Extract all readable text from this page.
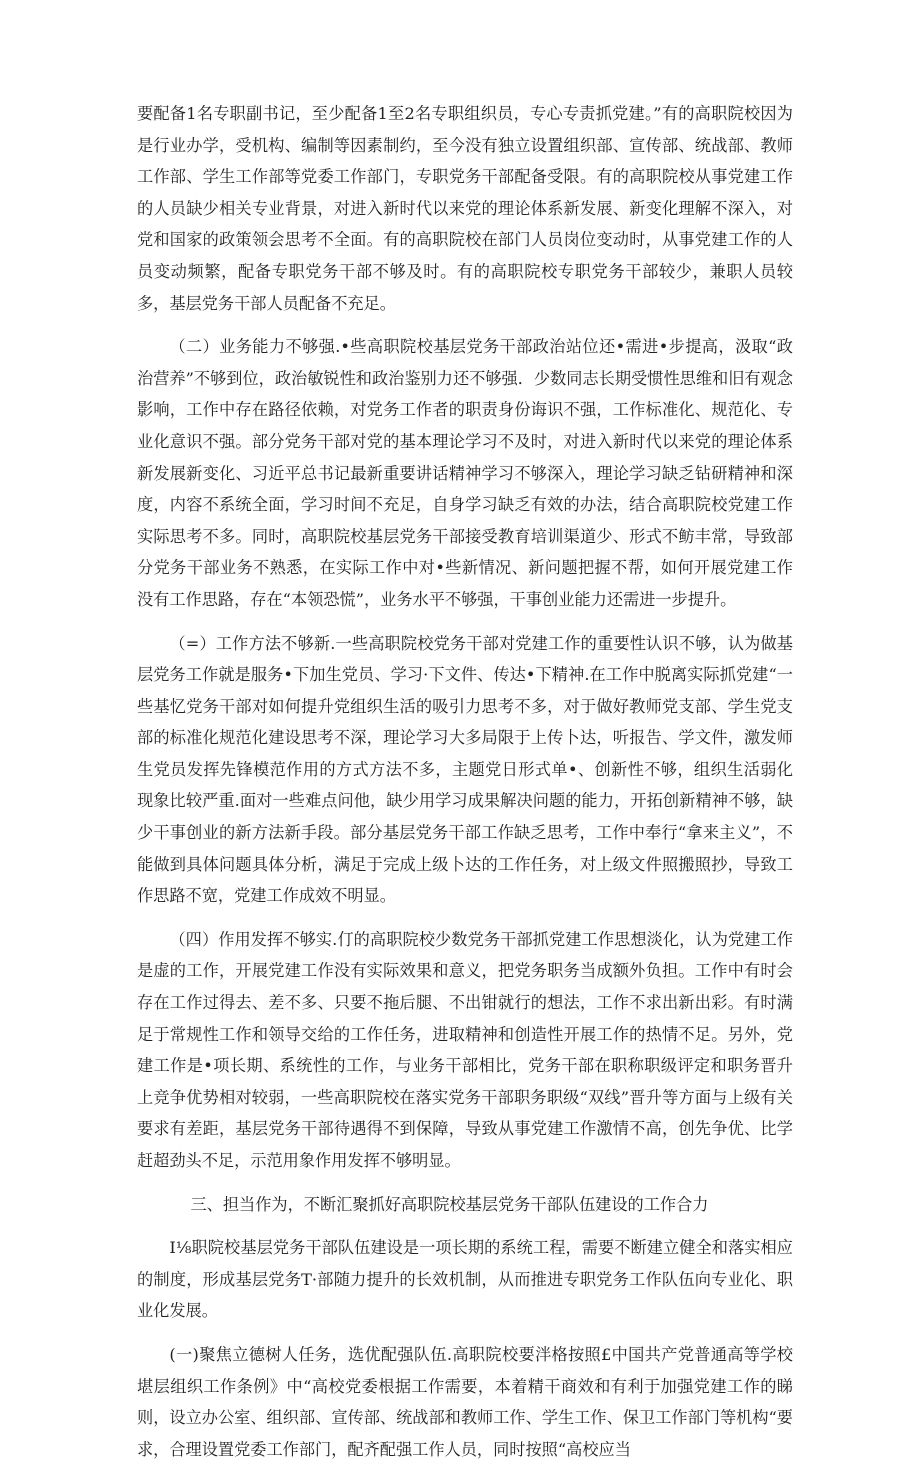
要配备1名专职副书记，至少配备1至2名专职组织员，专心专责抓党建。”有的高职院校因为是行业办学，受机构、编制等因素制约，至今没有独立设置组织部、宣传部、统战部、教师工作部、学生工作部等党委工作部门，专职党务干部配备受限。有的高职院校从事党建工作的人员缺少相关专业背景，对进入新时代以来党的理论体系新发展、新变化理解不深入，对党和国家的政策领会思考不全面。有的高职院校在部门人员岗位变动时，从事党建工作的人员变动频繁，配备专职党务干部不够及时。有的高职院校专职党务干部较少，兼职人员较多，基层党务干部人员配备不充足。

（二）业务能力不够强.•些高职院校基层党务干部政治站位还•需进•步提高，汲取“政治营养”不够到位，政治敏锐性和政治鉴别力还不够强．少数同志长期受惯性思维和旧有观念影响，工作中存在路径依赖，对党务工作者的职责身份诲识不强，工作标准化、规范化、专业化意识不强。部分党务干部对党的基本理论学习不及时，对进入新时代以来党的理论体系新发展新变化、习近平总书记最新重要讲话精神学习不够深入，理论学习缺乏钻研精神和深度，内容不系统全面，学习时间不充足，自身学习缺乏有效的办法，结合高职院校党建工作实际思考不多。同时，高职院校基层党务干部接受教育培训渠道少、形式不鲂丰常，导致部分党务干部业务不熟悉，在实际工作中对•些新情况、新问题把握不帮，如何开展党建工作没有工作思路，存在“本领恐慌”，业务水平不够强，干事创业能力还需进一步提升。

（=）工作方法不够新.一些高职院校党务干部对党建工作的重要性认识不够，认为做基层党务工作就是服务•下加生党员、学习·下文件、传达•下精神.在工作中脱离实际抓党建“一些基忆党务干部对如何提升党组织生活的吸引力思考不多，对于做好教师党支部、学生党支部的标准化规范化建设思考不深，理论学习大多局限于上传卜达，听报告、学文件，激发师生党员发挥先锋模范作用的方式方法不多，主题党日形式单•、创新性不够，组织生活弱化现象比较严重.面对一些难点问他，缺少用学习成果解决问题的能力，开拓创新精神不够，缺少干事创业的新方法新手段。部分基层党务干部工作缺乏思考，工作中奉行“拿来主义”，不能做到具体问题具体分析，满足于完成上级卜达的工作任务，对上级文件照搬照抄，导致工作思路不宽，党建工作成效不明显。

（四）作用发挥不够实.仃的高职院校少数党务干部抓党建工作思想淡化，认为党建工作是虚的工作，开展党建工作没有实际效果和意义，把党务职务当成额外负担。工作中有时会存在工作过得去、差不多、只要不拖后腿、不出钳就行的想法，工作不求出新出彩。有时满足于常规性工作和领导交给的工作任务，进取精神和创造性开展工作的热情不足。另外，党建工作是•项长期、系统性的工作，与业务干部相比，党务干部在职称职级评定和职务晋升上竞争优势相对较弱，一些高职院校在落实党务干部职务职级“双线”晋升等方面与上级有关要求有差距，基层党务干部待遇得不到保障，导致从事党建工作激情不高，创先争优、比学赶超劲头不足，示范用象作用发挥不够明显。

三、担当作为，不断汇聚抓好高职院校基层党务干部队伍建设的工作合力

I⅛职院校基层党务干部队伍建设是一项长期的系统工程，需要不断建立健全和落实相应的制度，形成基层党务T·部随力提升的长效机制，从而推进专职党务工作队伍向专业化、职业化发展。

(一)聚焦立德树人任务，选优配强队伍.高职院校要泮格按照£中国共产党普通高等学校堪层组织工作条例》中“高校党委根据工作需要，本着精干商效和有利于加强党建工作的睇则，设立办公室、组织部、宣传部、统战部和教师工作、学生工作、保卫工作部门等机构“要求，合理设置党委工作部门，配齐配强工作人员，同时按照“高校应当
